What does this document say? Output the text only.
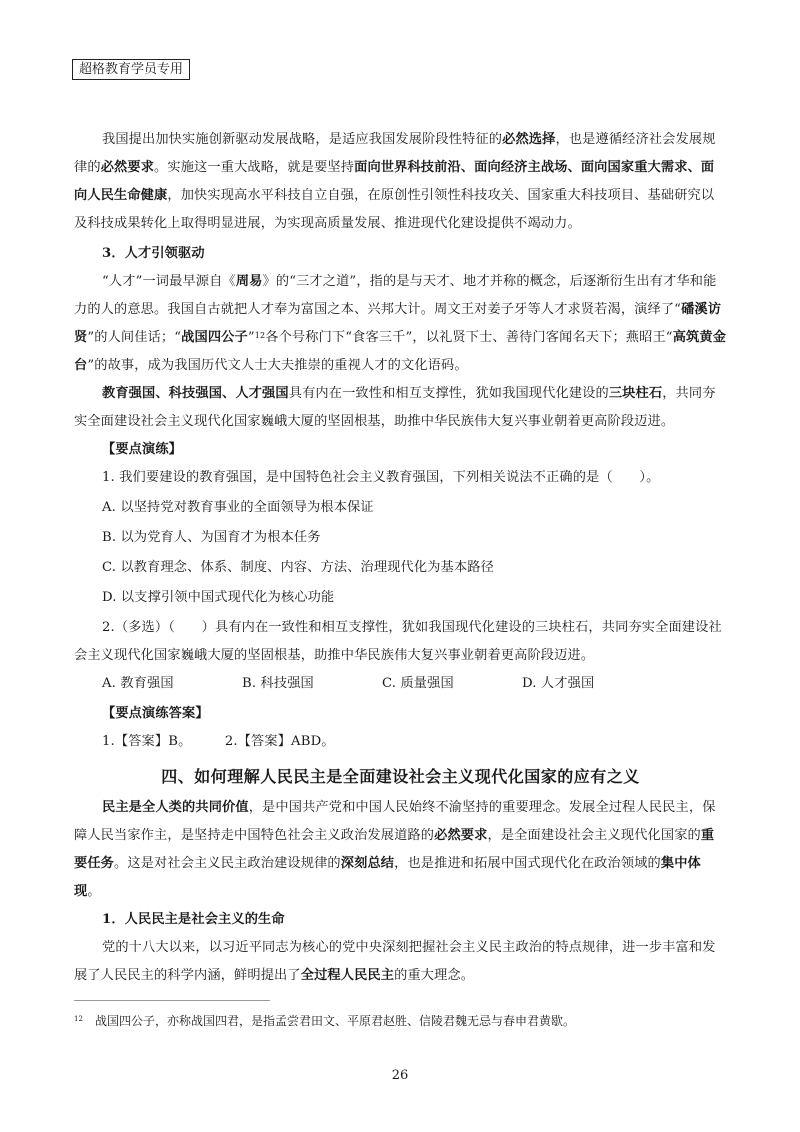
超格教育学员专用

我国提出加快实施创新驱动发展战略，是适应我国发展阶段性特征的必然选择，也是遵循经济社会发展规律的必然要求。实施这一重大战略，就是要坚持面向世界科技前沿、面向经济主战场、面向国家重大需求、面向人民生命健康，加快实现高水平科技自立自强，在原创性引领性科技攻关、国家重大科技项目、基础研究以及科技成果转化上取得明显进展，为实现高质量发展、推进现代化建设提供不竭动力。

3．人才引领驱动

“人才”一词最早源自《周易》的“三才之道”，指的是与天才、地才并称的概念，后逐渐衍生出有才华和能力的人的意思。我国自古就把人才奉为富国之本、兴邦大计。周文王对姜子牙等人才求贤若渴，演绎了“磻溪访贤”的人间佳话；“战国四公子”$^{12}$各个号称门下“食客三千”，以礼贤下士、善待门客闻名天下；燕昭王“高筑黄金台”的故事，成为我国历代文人士大夫推崇的重视人才的文化语码。

教育强国、科技强国、人才强国具有内在一致性和相互支撑性，犹如我国现代化建设的三块柱石，共同夯实全面建设社会主义现代化国家巍峨大厦的坚固根基，助推中华民族伟大复兴事业朝着更高阶段迈进。

【要点演练】

1. 我们要建设的教育强国，是中国特色社会主义教育强国，下列相关说法不正确的是（　　）。

A. 以坚持党对教育事业的全面领导为根本保证

B. 以为党育人、为国育才为根本任务

C. 以教育理念、体系、制度、内容、方法、治理现代化为基本路径

D. 以支撑引领中国式现代化为核心功能

2.（多选）（　　）具有内在一致性和相互支撑性，犹如我国现代化建设的三块柱石，共同夯实全面建设社会主义现代化国家巍峨大厦的坚固根基，助推中华民族伟大复兴事业朝着更高阶段迈进。

A. 教育强国	B. 科技强国	C. 质量强国	D. 人才强国

【要点演练答案】

1.【答案】B。　　　	2.【答案】ABD。

四、如何理解人民民主是全面建设社会主义现代化国家的应有之义

民主是全人类的共同价值，是中国共产党和中国人民始终不渝坚持的重要理念。发展全过程人民民主，保障人民当家作主，是坚持走中国特色社会主义政治发展道路的必然要求，是全面建设社会主义现代化国家的重要任务。这是对社会主义民主政治建设规律的深刻总结，也是推进和拓展中国式现代化在政治领域的集中体现。

1．人民民主是社会主义的生命

党的十八大以来，以习近平同志为核心的党中央深刻把握社会主义民主政治的特点规律，进一步丰富和发展了人民民主的科学内涵，鲜明提出了全过程人民民主的重大理念。

$^{12}$　 战国四公子，亦称战国四君，是指孟尝君田文、平原君赵胜、信陵君魏无忌与春申君黄歇。
26
